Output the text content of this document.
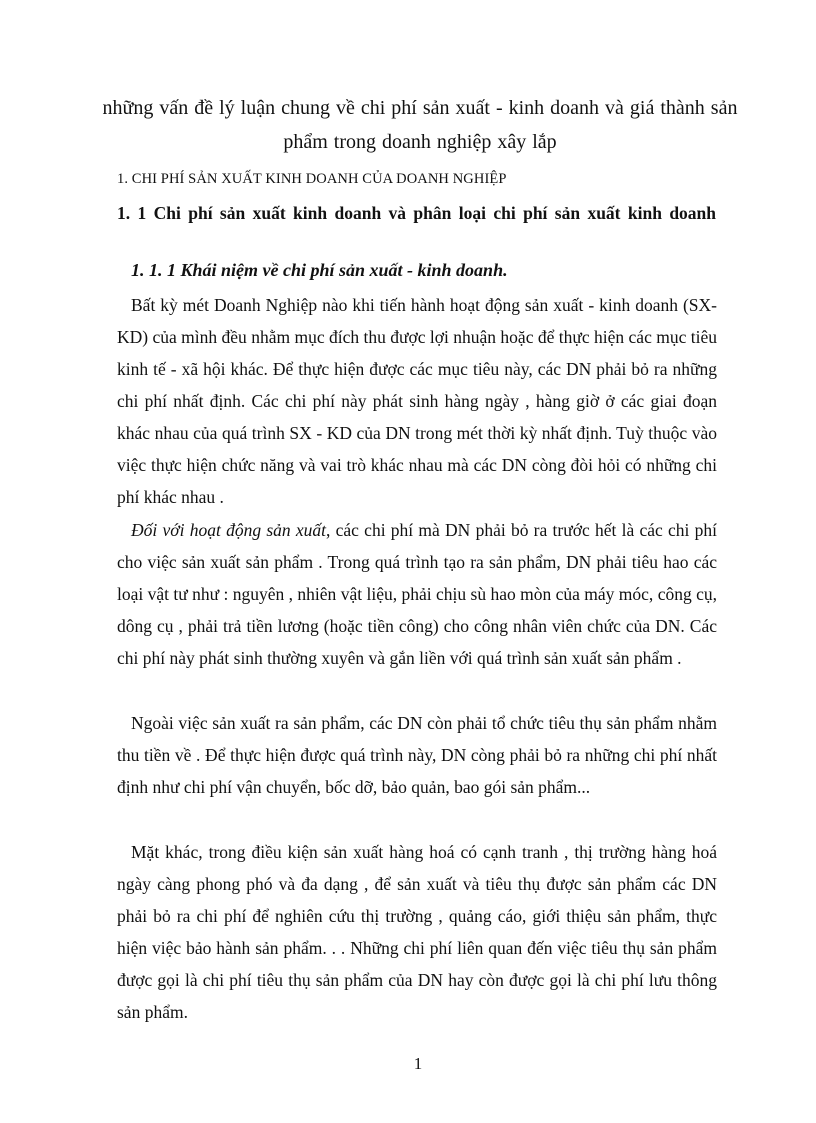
những vấn đề lý luận chung về chi phí sản xuất - kinh doanh và giá thành sản phẩm trong doanh nghiệp xây lắp
1. CHI PHÍ SẢN XUẤT KINH DOANH CỦA DOANH NGHIỆP
1. 1 Chi phí sản xuất kinh doanh và phân loại chi phí sản xuất kinh doanh
1. 1. 1 Khái niệm về chi phí sản xuất - kinh doanh.
Bất kỳ mét Doanh Nghiệp nào khi tiến hành hoạt động sản xuất - kinh doanh (SX-KD) của mình đều nhằm mục đích thu được lợi nhuận hoặc để thực hiện các mục tiêu kinh tế - xã hội khác. Để thực hiện được các mục tiêu này, các DN phải bỏ ra những chi phí nhất định. Các chi phí này phát sinh hàng ngày , hàng giờ ở các giai đoạn khác nhau của quá trình SX - KD của DN trong mét thời kỳ nhất định. Tuỳ thuộc vào việc thực hiện chức năng và vai trò khác nhau mà các DN còng đòi hỏi có những chi phí khác nhau .
Đối với hoạt động sản xuất, các chi phí mà DN phải bỏ ra trước hết là các chi phí cho việc sản xuất sản phẩm . Trong quá trình tạo ra sản phẩm, DN phải tiêu hao các loại vật tư như : nguyên , nhiên vật liệu, phải chịu sù hao mòn của máy móc, công cụ, dông cụ , phải trả tiền lương (hoặc tiền công) cho công nhân viên chức của DN. Các chi phí này phát sinh thường xuyên và gắn liền với quá trình sản xuất sản phẩm .
Ngoài việc sản xuất ra sản phẩm, các DN còn phải tổ chức tiêu thụ sản phẩm nhằm thu tiền về . Để thực hiện được quá trình này, DN còng phải bỏ ra những chi phí nhất định như chi phí vận chuyển, bốc dỡ, bảo quản, bao gói sản phẩm...
Mặt khác, trong điều kiện sản xuất hàng hoá có cạnh tranh , thị trường hàng hoá ngày càng phong phó và đa dạng , để sản xuất và tiêu thụ được sản phẩm các DN phải bỏ ra chi phí để nghiên cứu thị trường , quảng cáo, giới thiệu sản phẩm, thực hiện việc bảo hành sản phẩm. . . Những chi phí liên quan đến việc tiêu thụ sản phẩm được gọi là chi phí tiêu thụ sản phẩm của DN hay còn được gọi là chi phí lưu thông sản phẩm.
1
